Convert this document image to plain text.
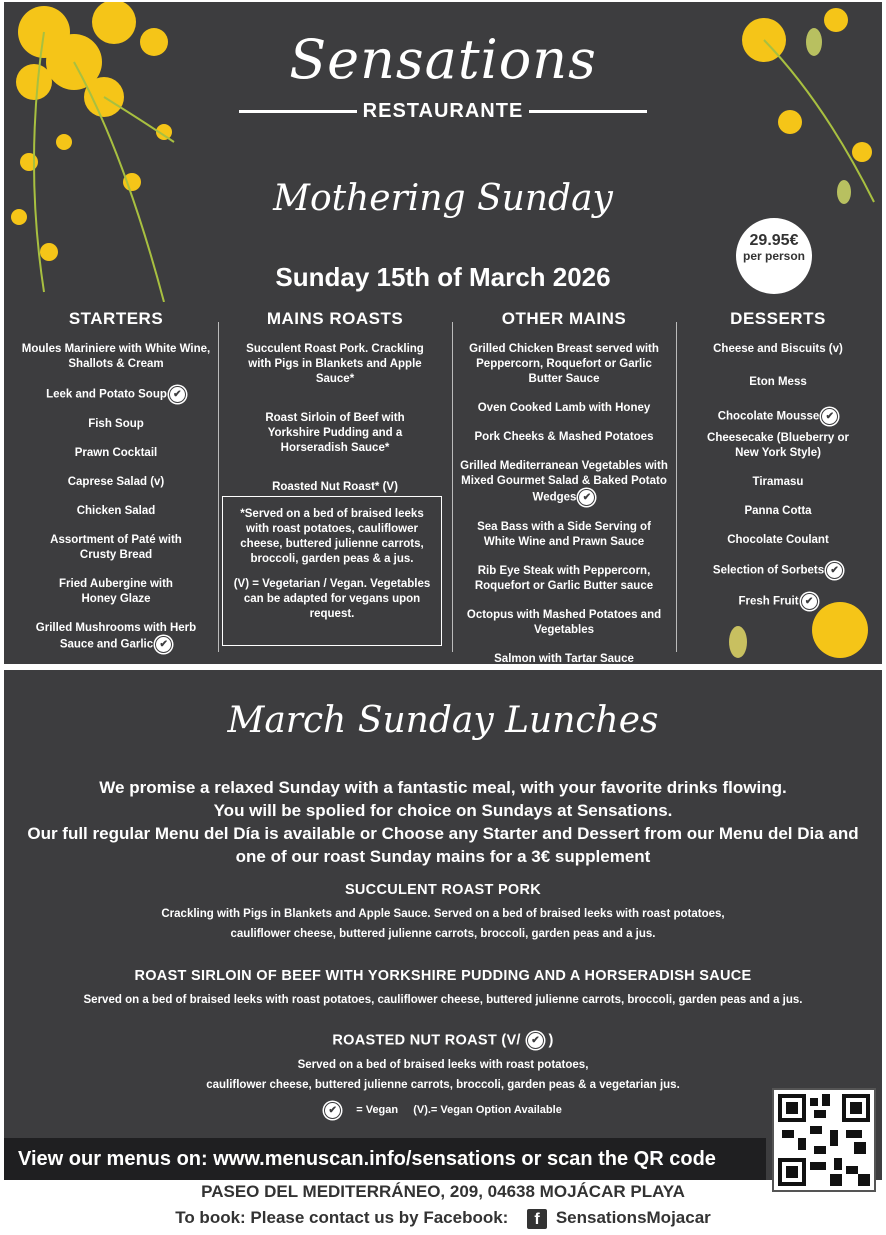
Sensations
RESTAURANTE
Mothering Sunday
Sunday 15th of March 2026
29.95€
per person
STARTERS
Moules Mariniere with White Wine, Shallots & Cream
Leek and Potato Soup ✔
Fish Soup
Prawn Cocktail
Caprese Salad (v)
Chicken Salad
Assortment of Paté with Crusty Bread
Fried Aubergine with Honey Glaze
Grilled Mushrooms with Herb Sauce and Garlic ✔
MAINS ROASTS
Succulent Roast Pork. Crackling with Pigs in Blankets and Apple Sauce*
Roast Sirloin of Beef with Yorkshire Pudding and a Horseradish Sauce*
Roasted Nut Roast* (V)

*Served on a bed of braised leeks with roast potatoes, cauliflower cheese, buttered julienne carrots, broccoli, garden peas & a jus.

(V) = Vegetarian / Vegan. Vegetables can be adapted for vegans upon request.

OTHER MAINS
Grilled Chicken Breast served with Peppercorn, Roquefort or Garlic Butter Sauce
Oven Cooked Lamb with Honey
Pork Cheeks & Mashed Potatoes
Grilled Mediterranean Vegetables with Mixed Gourmet Salad & Baked Potato Wedges ✔
Sea Bass with a Side Serving of White Wine and Prawn Sauce
Rib Eye Steak with Peppercorn, Roquefort or Garlic Butter sauce
Octopus with Mashed Potatoes and Vegetables
Salmon with Tartar Sauce
DESSERTS
Cheese and Biscuits (v)
Eton Mess
Chocolate Mousse ✔
Cheesecake (Blueberry or New York Style)
Tiramasu
Panna Cotta
Chocolate Coulant
Selection of Sorbets ✔
Fresh Fruit ✔
March Sunday Lunches
We promise a relaxed Sunday with a fantastic meal, with your favorite drinks flowing.
You will be spolied for choice on Sundays at Sensations.
Our full regular Menu del Día is available or Choose any Starter and Dessert from our Menu del Dia and one of our roast Sunday mains for a 3€ supplement
SUCCULENT ROAST PORK
Crackling with Pigs in Blankets and Apple Sauce. Served on a bed of braised leeks with roast potatoes,
cauliflower cheese, buttered julienne carrots, broccoli, garden peas and a jus.
ROAST SIRLOIN OF BEEF WITH YORKSHIRE PUDDING AND A HORSERADISH SAUCE
Served on a bed of braised leeks with roast potatoes, cauliflower cheese, buttered julienne carrots, broccoli, garden peas and a jus.
ROASTED NUT ROAST (V/ ✔ )
Served on a bed of braised leeks with roast potatoes,
cauliflower cheese, buttered julienne carrots, broccoli, garden peas & a vegetarian jus.
✔ = Vegan (V).= Vegan Option Available
View our menus on: www.menuscan.info/sensations or scan the QR code
PASEO DEL MEDITERRÁNEO, 209, 04638 MOJÁCAR PLAYA
To book: Please contact us by Facebook: f SensationsMojacar
